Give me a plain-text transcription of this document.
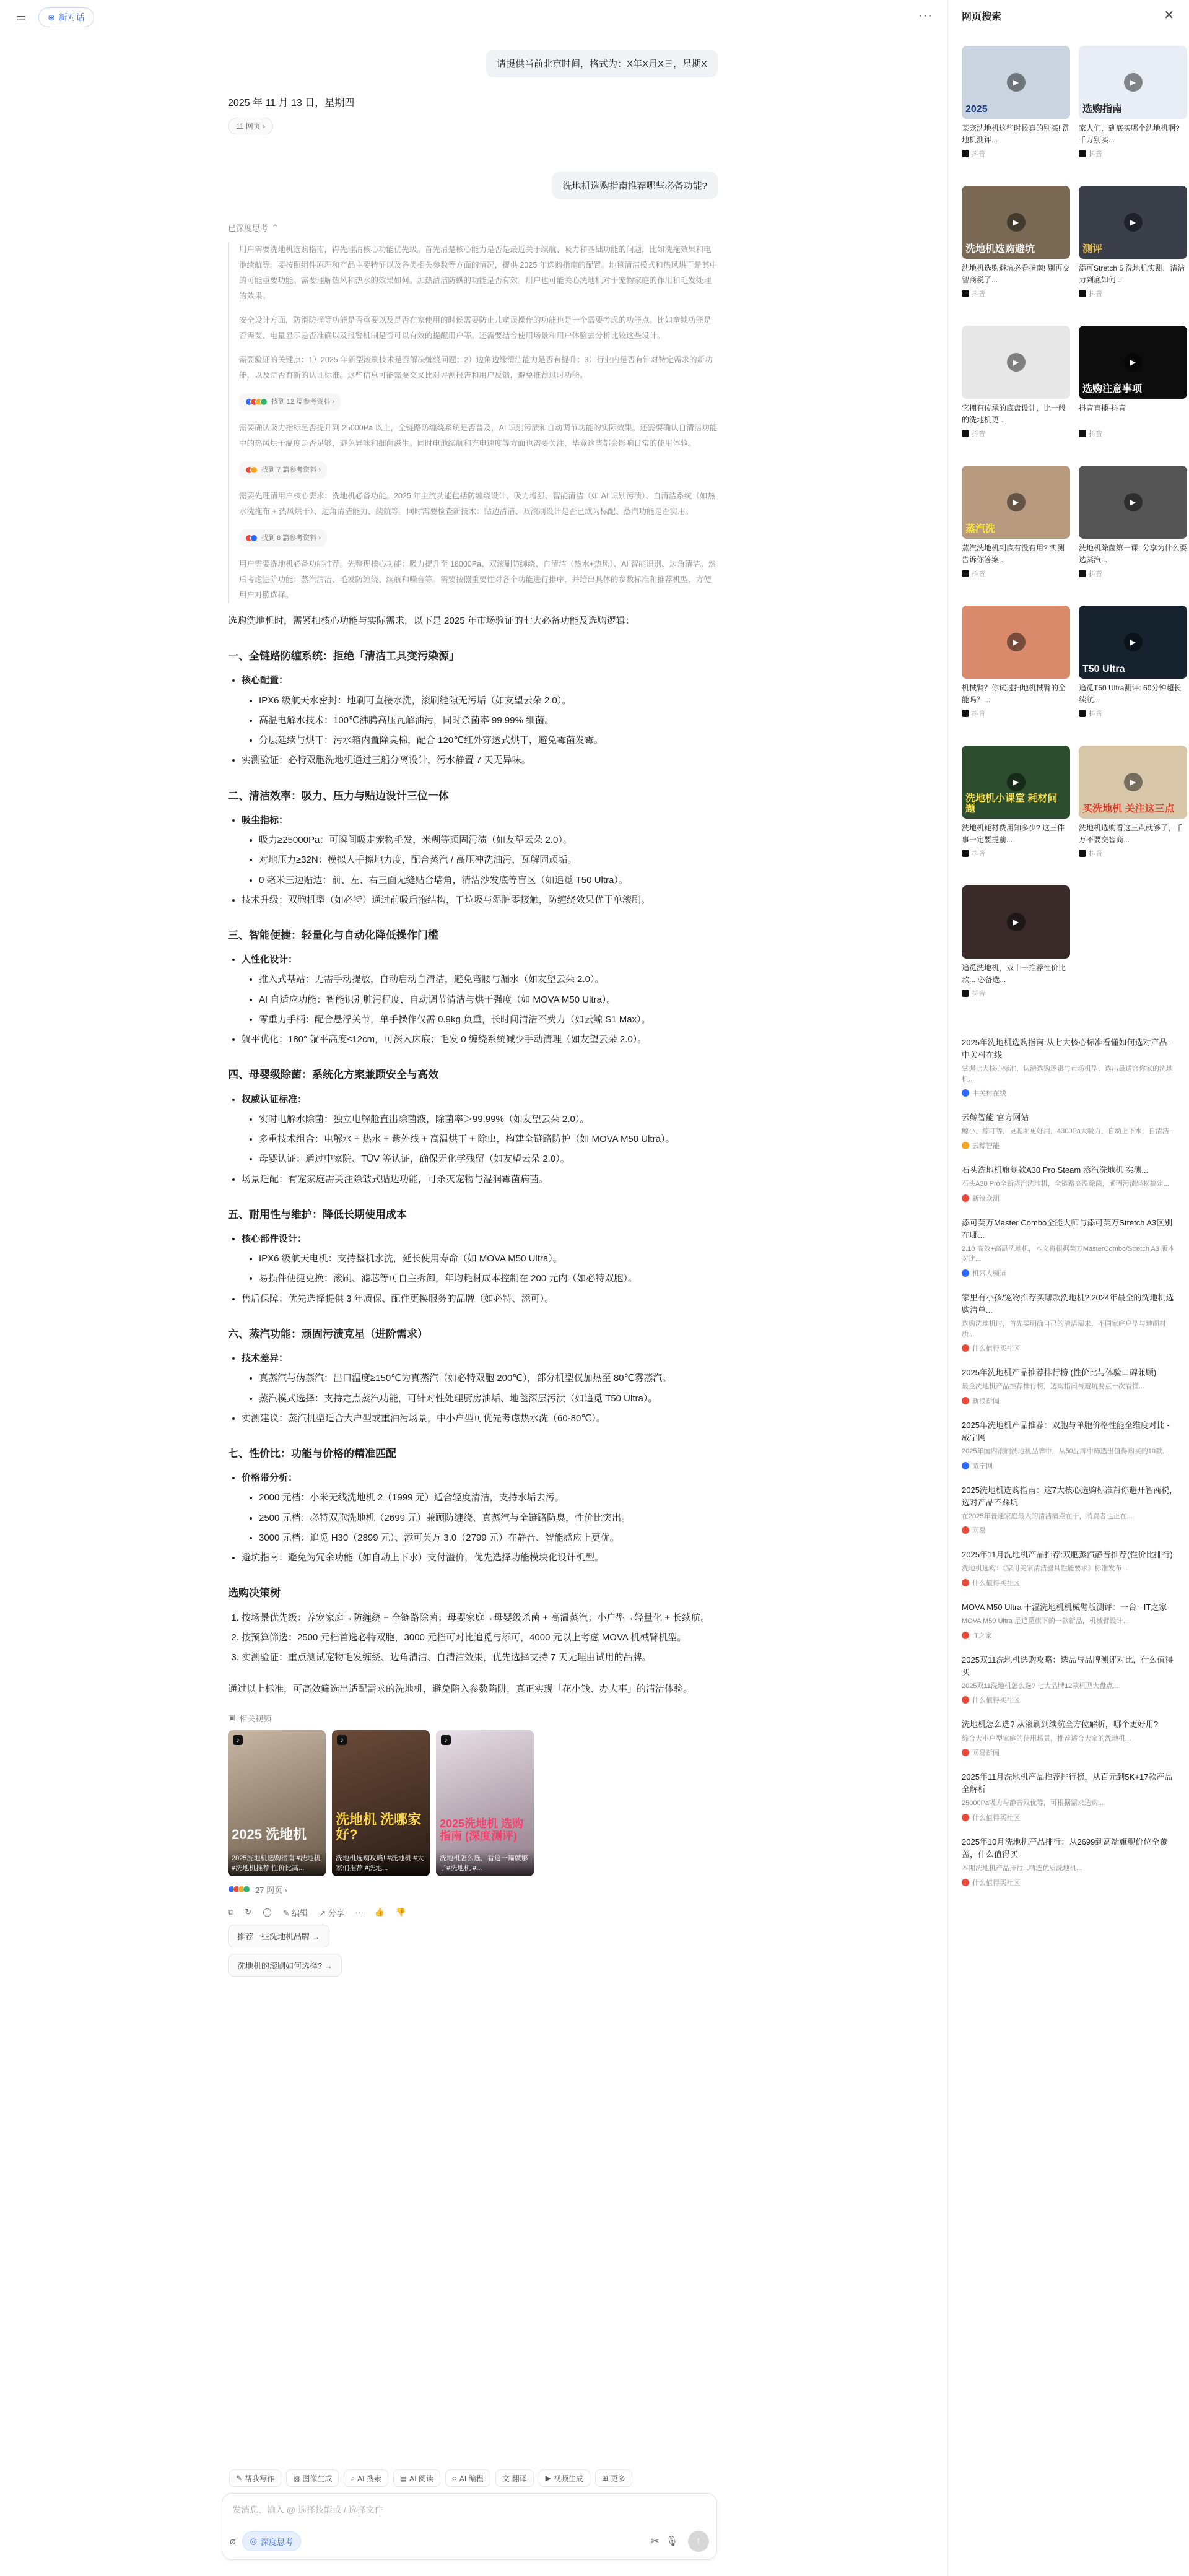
▭	⊕ 新对话	···
请提供当前北京时间，格式为：X年X月X日，星期X
2025 年 11 月 13 日，星期四
11 网页 ›
洗地机选购指南推荐哪些必备功能?
已深度思考 ⌃

用户需要洗地机选购指南，得先理清核心功能优先级。首先清楚核心能力是否是最近关于续航、吸力和基础功能的问题，比如洗拖效果和电池续航等。要按照组件原理和产品主要特征以及各类相关参数等方面的情况，提供 2025 年选购指南的配置。地毯清洁模式和热风烘干是其中的可能重要功能。需要理解热风和热水的效果如何。加热清洁防螨的功能是否有效。用户也可能关心洗地机对于宠物家庭的作用和毛发处理的效果。

安全设计方面，防滑防撞等功能是否重要以及是否在家使用的时候需要防止儿童误操作的功能也是一个需要考虑的功能点。比如童锁功能是否需要、电量显示是否准确以及报警机制是否可以有效的提醒用户等。还需要结合使用场景和用户体验去分析比较这些设计。

需要验证的关键点：1）2025 年新型滚刷技术是否解决缠绕问题；2）边角边缘清洁能力是否有提升；3）行业内是否有针对特定需求的新功能，以及是否有新的认证标准。这些信息可能需要交叉比对评测报告和用户反馈，避免推荐过时功能。

找到 12 篇参考资料 ›

需要确认吸力指标是否提升到 25000Pa 以上，全链路防缠绕系统是否普及，AI 识别污渍和自动调节功能的实际效果。还需要确认自清洁功能中的热风烘干温度是否足够，避免异味和细菌滋生。同时电池续航和充电速度等方面也需要关注，毕竟这些都会影响日常的使用体验。

找到 7 篇参考资料 ›

需要先理清用户核心需求：洗地机必备功能。2025 年主流功能包括防缠绕设计、吸力增强、智能清洁（如 AI 识别污渍）、自清洁系统（如热水洗拖布 + 热风烘干）、边角清洁能力、续航等。同时需要检查新技术：贴边清洁、双滚刷设计是否已成为标配、蒸汽功能是否实用。

找到 8 篇参考资料 ›

用户需要洗地机必备功能推荐。先整理核心功能：吸力提升至 18000Pa、双滚刷防缠绕、自清洁（热水+热风）、AI 智能识别、边角清洁。然后考虑进阶功能：蒸汽清洁、毛发防缠绕、续航和噪音等。需要按照重要性对各个功能进行排序，并给出具体的参数标准和推荐机型，方便用户对照选择。

选购洗地机时，需紧扣核心功能与实际需求，以下是 2025 年市场验证的七大必备功能及选购逻辑：

一、全链路防缠系统：拒绝「清洁工具变污染源」
• 核心配置：
• IPX6 级航天水密封：地刷可直接水洗，滚刷缝隙无污垢（如友望云朵 2.0）。
• 高温电解水技术：100℃沸腾高压瓦解油污，同时杀菌率 99.99% 细菌。
• 分层延续与烘干：污水箱内置除臭棉，配合 120℃红外穿透式烘干，避免霉菌发霉。
• 实测验证：必特双胞洗地机通过三船分离设计，污水静置 7 天无异味。
二、清洁效率：吸力、压力与贴边设计三位一体
• 吸尘指标：
• 吸力≥25000Pa：可瞬间吸走宠物毛发，米糊等顽固污渍（如友望云朵 2.0）。
• 对地压力≥32N：模拟人手擦地力度，配合蒸汽 / 高压冲洗油污，瓦解固顽垢。
• 0 毫米三边贴边：前、左、右三面无缝贴合墙角，清洁沙发底等盲区（如追觅 T50 Ultra）。
• 技术升级：双胞机型（如必特）通过前吸后拖结构，干垃圾与湿脏零接触，防缠绕效果优于单滚刷。
三、智能便捷：轻量化与自动化降低操作门槛
• 人性化设计：
• 推入式基站：无需手动提放，自动启动自清洁，避免弯腰与漏水（如友望云朵 2.0）。
• AI 自适应功能：智能识别脏污程度，自动调节清洁与烘干强度（如 MOVA M50 Ultra）。
• 零重力手柄：配合悬浮关节，单手操作仅需 0.9kg 负重，长时间清洁不费力（如云鲸 S1 Max）。
• 躺平优化：180° 躺平高度≤12cm，可深入床底；毛发 0 缠绕系统减少手动清理（如友望云朵 2.0）。
四、母婴级除菌：系统化方案兼顾安全与高效
• 权威认证标准：
• 实时电解水除菌：独立电解舱直出除菌液，除菌率＞99.99%（如友望云朵 2.0）。
• 多重技术组合：电解水 + 热水 + 紫外线 + 高温烘干 + 除虫，构建全链路防护（如 MOVA M50 Ultra）。
• 母婴认证：通过中家院、TÜV 等认证，确保无化学残留（如友望云朵 2.0）。
• 场景适配：有宠家庭需关注除皱式贴边功能，可杀灭宠物与湿润霉菌病菌。
五、耐用性与维护：降低长期使用成本
• 核心部件设计：
• IPX6 级航天电机：支持整机水洗，延长使用寿命（如 MOVA M50 Ultra）。
• 易损件便捷更换：滚刷、滤芯等可自主拆卸，年均耗材成本控制在 200 元内（如必特双胞）。
• 售后保障：优先选择提供 3 年质保、配件更换服务的品牌（如必特、添可）。
六、蒸汽功能：顽固污渍克星（进阶需求）
• 技术差异：
• 真蒸汽与伪蒸汽：出口温度≥150℃为真蒸汽（如必特双胞 200℃），部分机型仅加热至 80℃雾蒸汽。
• 蒸汽模式选择：支持定点蒸汽功能，可针对性处理厨房油垢、地毯深层污渍（如追觅 T50 Ultra）。
• 实测建议：蒸汽机型适合大户型或重油污场景，中小户型可优先考虑热水洗（60-80℃）。
七、性价比：功能与价格的精准匹配
• 价格带分析：
• 2000 元档：小米无线洗地机 2（1999 元）适合轻度清洁，支持水垢去污。
• 2500 元档：必特双胞洗地机（2699 元）兼顾防缠绕、真蒸汽与全链路防臭，性价比突出。
• 3000 元档：追觅 H30（2899 元）、添可芙万 3.0（2799 元）在静音、智能感应上更优。
• 避坑指南：避免为冗余功能（如自动上下水）支付溢价，优先选择功能模块化设计机型。
选购决策树
1. 按场景优先级：养宠家庭→防缠绕 + 全链路除菌；母婴家庭→母婴级杀菌 + 高温蒸汽；小户型→轻量化 + 长续航。
2. 按预算筛选：2500 元档首选必特双胞，3000 元档可对比追觅与添可，4000 元以上考虑 MOVA 机械臂机型。
3. 实测验证：重点测试宠物毛发缠绕、边角清洁、自清洁效果，优先选择支持 7 天无理由试用的品牌。

通过以上标准，可高效筛选出适配需求的洗地机，避免陷入参数陷阱，真正实现「花小钱、办大事」的清洁体验。

▣ 相关视频
♪
2025 洗地机
2025洗地机选购指南 #洗地机 #洗地机推荐 性价比高...
♪
洗地机 洗哪家好?
洗地机选购攻略! #洗地机 #大家们推荐 #洗地...
♪
2025洗地机 选购指南 (深度测评)
洗地机怎么选，看这一篇就够了#洗地机 #...
27 网页 ›
⧉ ↻ ◯ ✎ 编辑 ↗ 分享 ··· 👍 👎
推荐一些洗地机品牌 →
洗地机的滚刷如何选择? →
✎ 帮我写作	▨ 图像生成	⌕ AI 搜索	▤ AI 阅读	‹› AI 编程	文 翻译	▶ 视频生成	⊞ 更多
发消息、输入 @ 选择技能或 / 选择文件
⌀ ◎ 深度思考	✂ 🎙	↑
网页搜索	✕
2025
▶
某宠洗地机这些时候真的别买! 洗地机测评...
抖音
选购指南
▶
家人们，到底买哪个洗地机啊? 千万别买...
抖音
洗地机选购避坑
▶
洗地机选购避坑必看指南! 别再交智商税了...
抖音
测评
▶
添可Stretch 5 洗地机实测，清洁力到底如何...
抖音
▶
它拥有传承的底盘设计，比一般的洗地机更...
抖音
选购注意事项
▶
抖音直播-抖音
抖音
蒸汽洗
▶
蒸汽洗地机到底有没有用? 实测告诉你答案...
抖音
▶
洗地机除菌第一课: 分享为什么要选蒸汽...
抖音
▶
机械臂？你试过扫地机械臂的全能吗？...
抖音
T50 Ultra
▶
追觅T50 Ultra测评: 60分钟超长续航...
抖音
洗地机小课堂 耗材问题
▶
洗地机耗材费用知多少? 这三件事一定要提前...
抖音
买洗地机 关注这三点
▶
洗地机选购看这三点就够了，千万不要交智商...
抖音
▶
追觅洗地机，双十一推荐性价比款... 必备选...
抖音
2025年洗地机选购指南:从七大核心标准看懂如何选对产品 - 中关村在线
掌握七大核心标准，认清选购逻辑与市场机型，选出最适合你家的洗地机...
中关村在线
云鲸智能-官方网站
鲸小、鲸叮等，更聪明更好用，4300Pa大吸力，自动上下水，自清洁...
云鲸智能
石头洗地机旗舰款A30 Pro Steam 蒸汽洗地机 实测...
石头A30 Pro全新蒸汽洗地机，全链路高温除菌，顽固污渍轻松搞定...
新浪众测
添可芙万Master Combo全能大师与添可芙万Stretch A3区别在哪...
2.10 高效+高温洗地机，本文将根据芙万MasterCombo/Stretch A3 版本对比...
机器人频道
家里有小孩/宠物推荐买哪款洗地机? 2024年最全的洗地机选购清单...
选购洗地机时，首先要明确自己的清洁需求，不同家庭户型与地面材质...
什么值得买社区
2025年洗地机产品推荐排行榜 (性价比与体验口碑兼顾)
最全洗地机产品推荐排行榜，选购指南与避坑要点一次看懂...
新浪新闻
2025年洗地机产品推荐：双胞与单胞价格性能全维度对比 - 威宁网
2025年国内滚刷洗地机品牌中，从50品牌中筛选出值得购买的10款...
威宁网
2025洗地机选购指南：这7大核心选购标准帮你避开智商税，选对产品不踩坑
在2025年普通家庭最大的清洁痛点在于，消费者也正在...
网易
2025年11月洗地机产品推荐:双胞蒸汽静音推荐(性价比排行)
洗地机选购：《家用美家清洁器具性能要求》标准发布...
什么值得买社区
MOVA M50 Ultra 干湿洗地机机械臂版测评：一台 - IT之家
MOVA M50 Ultra 是追觅旗下的一款新品，机械臂设计...
IT之家
2025双11洗地机选购攻略：选品与品牌测评对比，什么值得买
2025双11洗地机怎么选? 七大品牌12款机型大盘点...
什么值得买社区
洗地机怎么选? 从滚刷到续航全方位解析，哪个更好用?
综合大小户型家庭的使用场景，推荐适合大家的洗地机...
网易新闻
2025年11月洗地机产品推荐排行榜，从百元到5K+17款产品全解析
25000Pa吸力与静音双优等，可根据需求选购...
什么值得买社区
2025年10月洗地机产品排行：从2699到高端旗舰价位全覆盖，什么值得买
本期洗地机产品排行...精选优质洗地机...
什么值得买社区
